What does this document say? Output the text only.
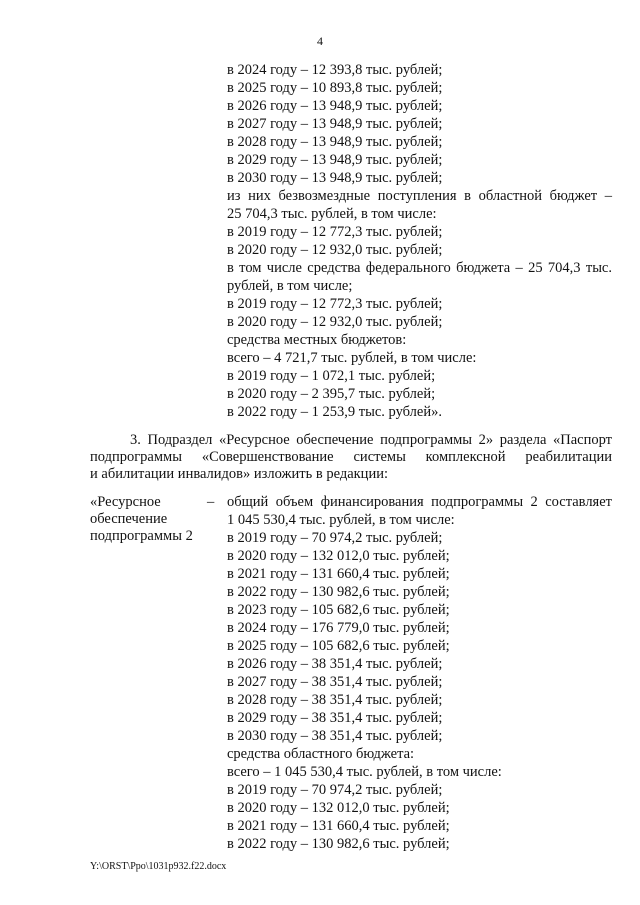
4
в 2024 году – 12 393,8 тыс. рублей;
в 2025 году – 10 893,8 тыс. рублей;
в 2026 году – 13 948,9 тыс. рублей;
в 2027 году – 13 948,9 тыс. рублей;
в 2028 году – 13 948,9 тыс. рублей;
в 2029 году – 13 948,9 тыс. рублей;
в 2030 году – 13 948,9 тыс. рублей;
из них безвозмездные поступления в областной бюджет –
25 704,3 тыс. рублей, в том числе:
в 2019 году – 12 772,3 тыс. рублей;
в 2020 году – 12 932,0 тыс. рублей;
в том числе средства федерального бюджета – 25 704,3 тыс.
рублей, в том числе;
в 2019 году – 12 772,3 тыс. рублей;
в 2020 году – 12 932,0 тыс. рублей;
средства местных бюджетов:
всего – 4 721,7 тыс. рублей, в том числе:
в 2019 году – 1 072,1 тыс. рублей;
в 2020 году – 2 395,7 тыс. рублей;
в 2022 году – 1 253,9 тыс. рублей».
3. Подраздел «Ресурсное обеспечение подпрограммы 2» раздела «Паспорт
подпрограммы «Совершенствование системы комплексной реабилитации
и абилитации инвалидов» изложить в редакции:
«Ресурсное
обеспечение
подпрограммы 2
– общий объем финансирования подпрограммы 2 составляет
1 045 530,4 тыс. рублей, в том числе:
в 2019 году – 70 974,2 тыс. рублей;
в 2020 году – 132 012,0 тыс. рублей;
в 2021 году – 131 660,4 тыс. рублей;
в 2022 году – 130 982,6 тыс. рублей;
в 2023 году – 105 682,6 тыс. рублей;
в 2024 году – 176 779,0 тыс. рублей;
в 2025 году – 105 682,6 тыс. рублей;
в 2026 году – 38 351,4 тыс. рублей;
в 2027 году – 38 351,4 тыс. рублей;
в 2028 году – 38 351,4 тыс. рублей;
в 2029 году – 38 351,4 тыс. рублей;
в 2030 году – 38 351,4 тыс. рублей;
средства областного бюджета:
всего – 1 045 530,4 тыс. рублей, в том числе:
в 2019 году – 70 974,2 тыс. рублей;
в 2020 году – 132 012,0 тыс. рублей;
в 2021 году – 131 660,4 тыс. рублей;
в 2022 году – 130 982,6 тыс. рублей;
Y:\ORST\Ppo\1031p932.f22.docx
